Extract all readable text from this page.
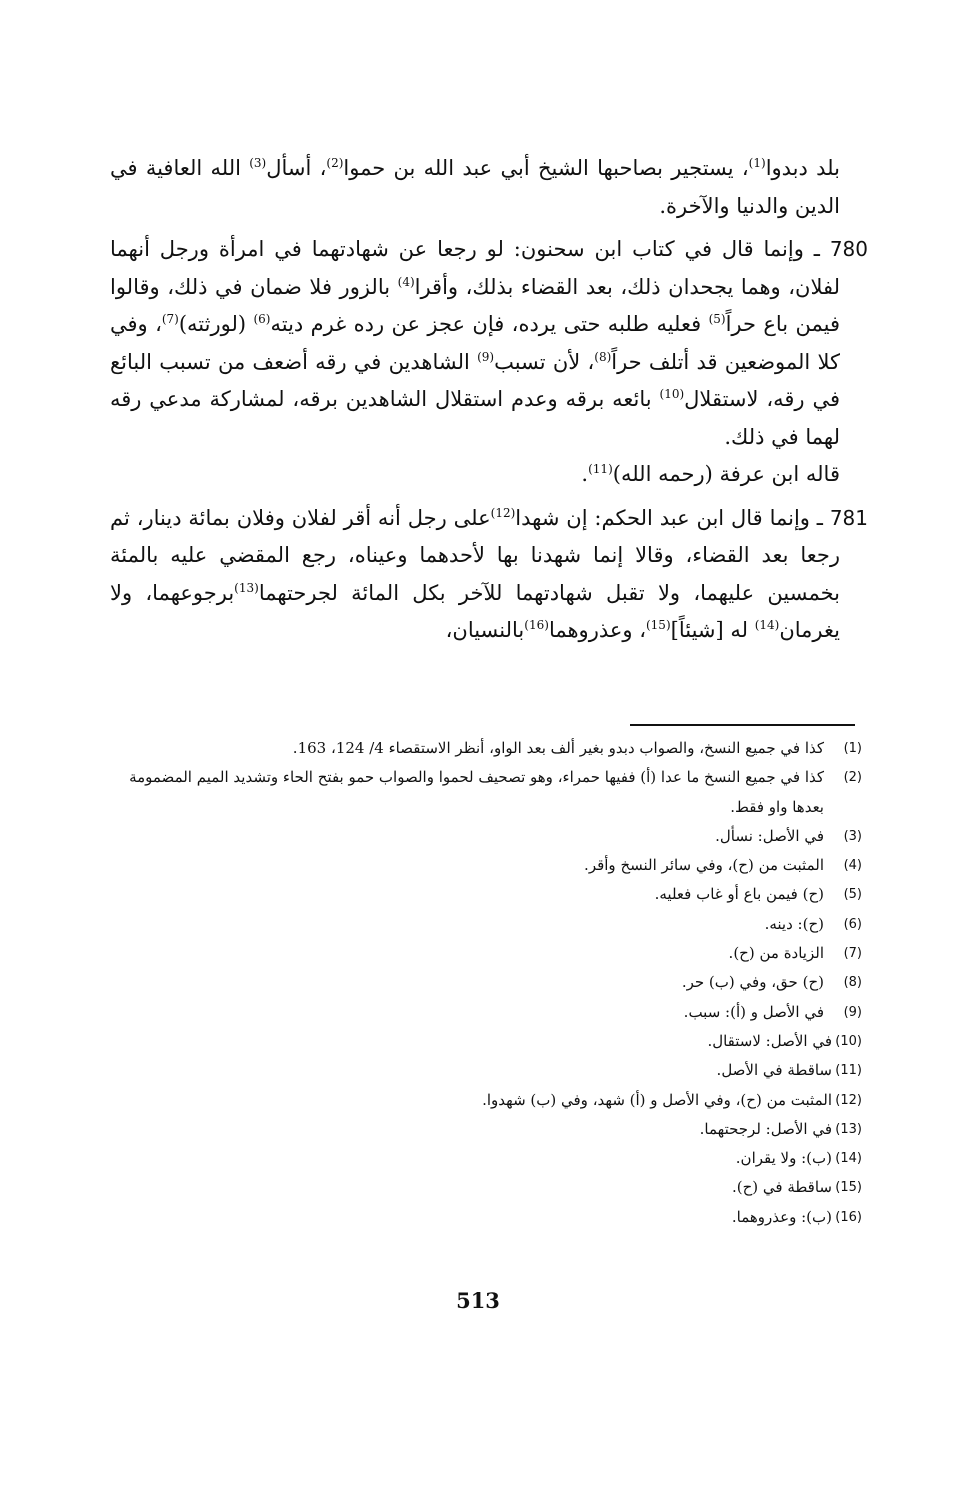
بلد دبدوا$^{(1)}$، يستجير بصاحبها الشيخ أبي عبد الله بن حموا$^{(2)}$، أسأل$^{(3)}$ الله العافية في الدين والدنيا والآخرة.

780 ـ وإنما قال في كتاب ابن سحنون: لو رجعا عن شهادتهما في امرأة ورجل أنهما لفلان، وهما يجحدان ذلك، بعد القضاء بذلك، وأقرا$^{(4)}$ بالزور فلا ضمان في ذلك، وقالوا فيمن باع حراً$^{(5)}$ فعليه طلبه حتى يرده، فإن عجز عن رده غرم ديته$^{(6)}$ (لورثته)$^{(7)}$، وفي كلا الموضعين قد أتلف حراً$^{(8)}$، لأن تسبب$^{(9)}$ الشاهدين في رقه أضعف من تسبب البائع في رقه، لاستقلال$^{(10)}$ بائعه برقه وعدم استقلال الشاهدين برقه، لمشاركة مدعي رقه لهما في ذلك.
قاله ابن عرفة (رحمه الله)$^{(11)}$.

781 ـ وإنما قال ابن عبد الحكم: إن شهدا$^{(12)}$على رجل أنه أقر لفلان وفلان بمائة دينار، ثم رجعا بعد القضاء، وقالا إنما شهدنا بها لأحدهما وعيناه، رجع المقضي عليه بالمئة بخمسين عليهما، ولا تقبل شهادتهما للآخر بكل المائة لجرحتهما$^{(13)}$برجوعهما، ولا يغرمان$^{(14)}$ له [شيئاً]$^{(15)}$، وعذروهما$^{(16)}$بالنسيان،

(1)
كذا في جميع النسخ، والصواب دبدو بغير ألف بعد الواو، أنظر الاستقصاء 4/ 124، 163.
(2)
كذا في جميع النسخ ما عدا (أ) ففيها حمراء، وهو تصحيف لحموا والصواب حمو بفتح الحاء وتشديد الميم المضمومة بعدها واو فقط.
(3)
في الأصل: نسأل.
(4)
المثبت من (ح)، وفي سائر النسخ وأقر.
(5)
(ح) فيمن باع أو غاب فعليه.
(6)
(ح): دينه.
(7)
الزيادة من (ح).
(8)
(ح) حق، وفي (ب) حر.
(9)
في الأصل و (أ): سبب.
(10)
في الأصل: لاستقال.
(11)
ساقطة في الأصل.
(12)
المثبت من (ح)، وفي الأصل و (أ) شهد، وفي (ب) شهدوا.
(13)
في الأصل: لرجحتهما.
(14)
(ب): ولا يقران.
(15)
ساقطة في (ح).
(16)
(ب): وعذروهما.
513
